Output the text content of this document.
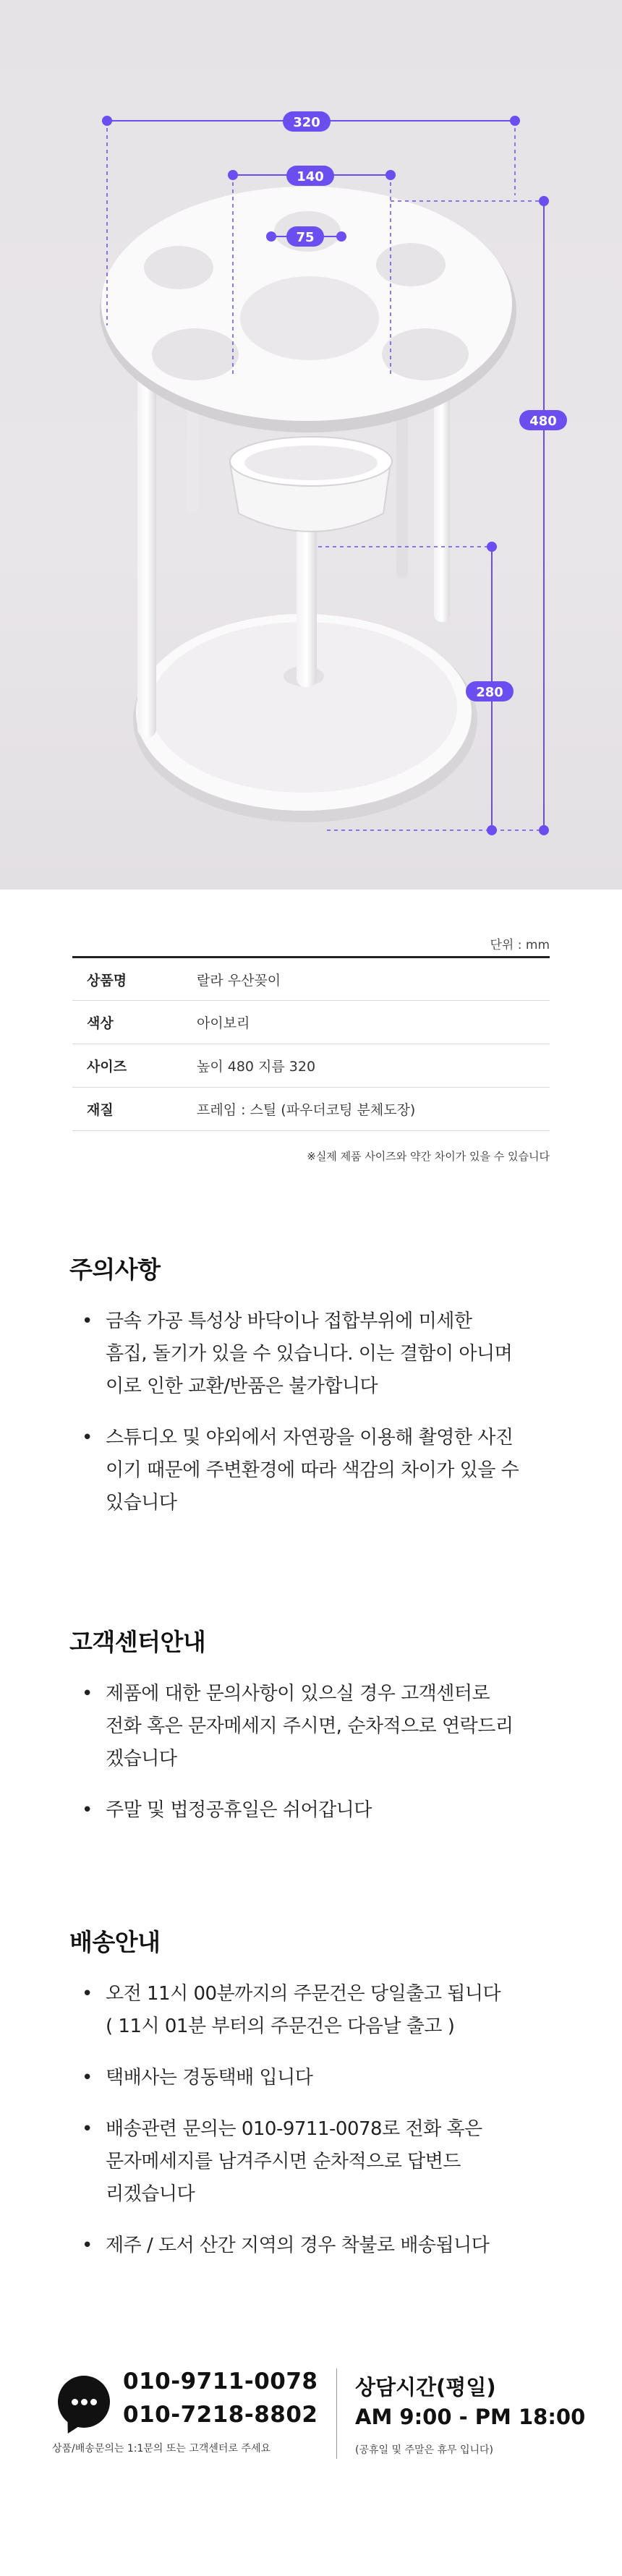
320
140
75
480
280
단위 : mm
상품명	랄라 우산꽂이
색상	아이보리
사이즈	높이 480 지름 320
재질	프레임 : 스틸 (파우더코팅 분체도장)
※실제 제품 사이즈와 약간 차이가 있을 수 있습니다
주의사항
• 금속 가공 특성상 바닥이나 접합부위에 미세한
흠집, 돌기가 있을 수 있습니다. 이는 결함이 아니며
이로 인한 교환/반품은 불가합니다
• 스튜디오 및 야외에서 자연광을 이용해 촬영한 사진
이기 때문에 주변환경에 따라 색감의 차이가 있을 수
있습니다
고객센터안내
• 제품에 대한 문의사항이 있으실 경우 고객센터로
전화 혹은 문자메세지 주시면, 순차적으로 연락드리
겠습니다
• 주말 및 법정공휴일은 쉬어갑니다
배송안내
• 오전 11시 00분까지의 주문건은 당일출고 됩니다
( 11시 01분 부터의 주문건은 다음날 출고 )
• 택배사는 경동택배 입니다
• 배송관련 문의는 010-9711-0078로 전화 혹은
문자메세지를 남겨주시면 순차적으로 답변드
리겠습니다
• 제주 / 도서 산간 지역의 경우 착불로 배송됩니다
010-9711-0078
010-7218-8802
상품/배송문의는 1:1문의 또는 고객센터로 주세요
상담시간(평일)
AM 9:00 - PM 18:00
(공휴일 및 주말은 휴무 입니다)
